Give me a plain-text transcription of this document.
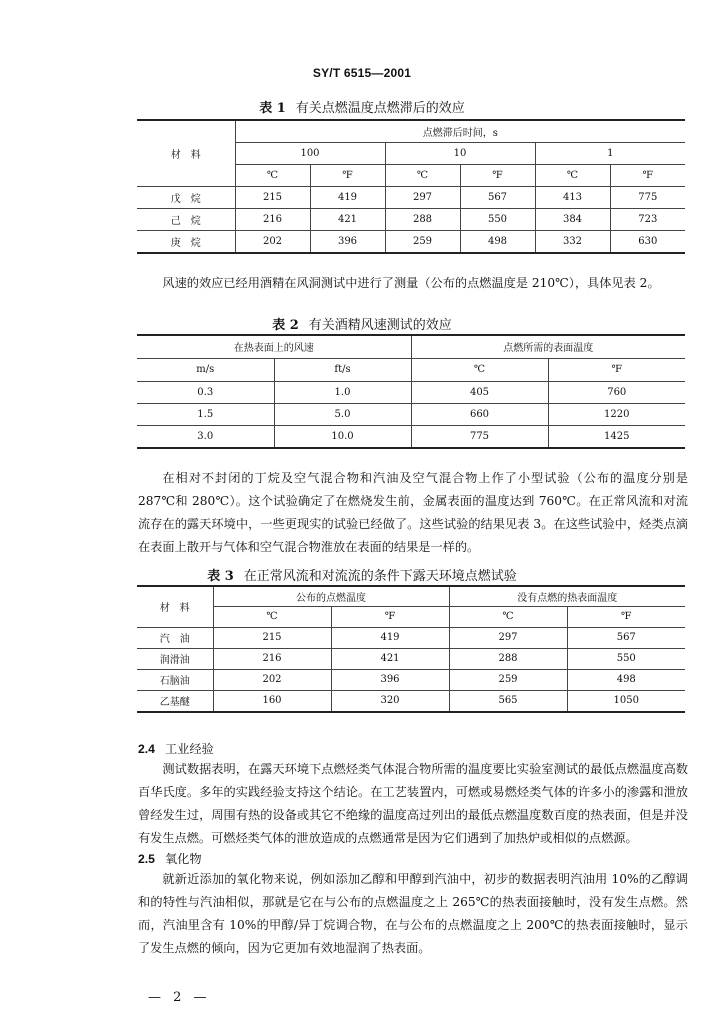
SY/T 6515—2001
表 1 有关点燃温度点燃滞后的效应
材　料	点燃滞后时间，s					
	100		10		1	
	℃	℉	℃	℉	℃	℉
戊　烷	215	419	297	567	413	775
己　烷	216	421	288	550	384	723
庚　烷	202	396	259	498	332	630

风速的效应已经用酒精在风洞测试中进行了测量（公布的点燃温度是 210℃），具体见表 2。

表 2 有关酒精风速测试的效应
在热表面上的风速		点燃所需的表面温度	
m/s	ft/s	℃	℉
0.3	1.0	405	760
1.5	5.0	660	1220
3.0	10.0	775	1425

在相对不封闭的丁烷及空气混合物和汽油及空气混合物上作了小型试验（公布的温度分别是 287℃和 280℃）。这个试验确定了在燃烧发生前，金属表面的温度达到 760℃。在正常风流和对流流存在的露天环境中，一些更现实的试验已经做了。这些试验的结果见表 3。在这些试验中，烃类点滴在表面上散开与气体和空气混合物淮放在表面的结果是一样的。

表 3 在正常风流和对流流的条件下露天环境点燃试验
材　料	公布的点燃温度		没有点燃的热表面温度	
	℃	℉	℃	℉
汽　油	215	419	297	567
润滑油	216	421	288	550
石脑油	202	396	259	498
乙基醚	160	320	565	1050
2.4 工业经验

测试数据表明，在露天环境下点燃烃类气体混合物所需的温度要比实验室测试的最低点燃温度高数百华氏度。多年的实践经验支持这个结论。在工艺装置内，可燃或易燃烃类气体的许多小的渗露和泄放曾经发生过，周围有热的设备或其它不绝缘的温度高过列出的最低点燃温度数百度的热表面，但是并没有发生点燃。可燃烃类气体的泄放造成的点燃通常是因为它们遇到了加热炉或相似的点燃源。

2.5 氧化物

就新近添加的氧化物来说，例如添加乙醇和甲醇到汽油中，初步的数据表明汽油用 10%的乙醇调和的特性与汽油相似，那就是它在与公布的点燃温度之上 265℃的热表面接触时，没有发生点燃。然而，汽油里含有 10%的甲醇/异丁烷调合物，在与公布的点燃温度之上 200℃的热表面接触时，显示了发生点燃的倾向，因为它更加有效地湿润了热表面。

— 2 —
